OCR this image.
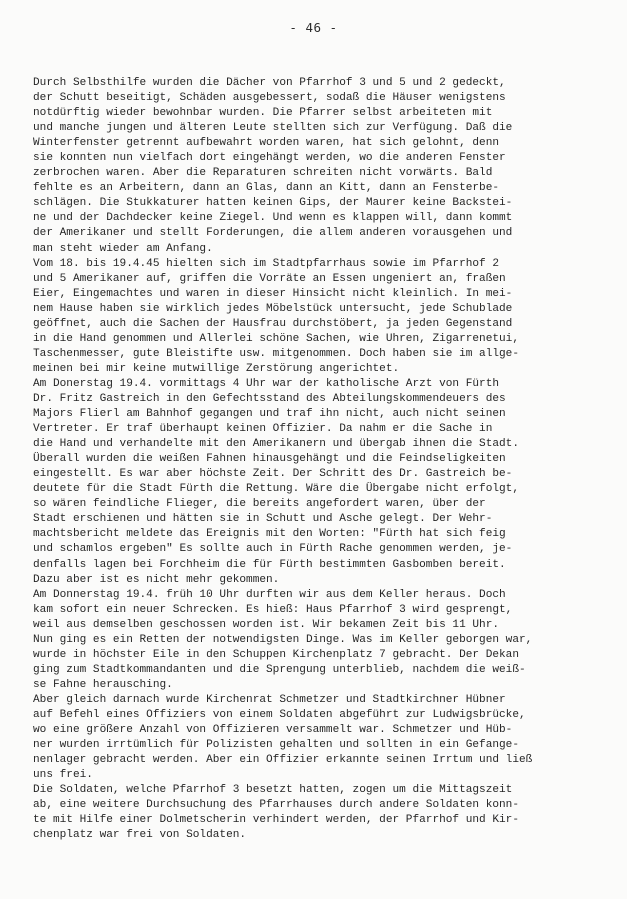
- 46 -
Durch Selbsthilfe wurden die Dächer von Pfarrhof 3 und 5 und 2 gedeckt,
der Schutt beseitigt, Schäden ausgebessert, sodaß die Häuser wenigstens
notdürftig wieder bewohnbar wurden. Die Pfarrer selbst arbeiteten mit
und manche jungen und älteren Leute stellten sich zur Verfügung. Daß die
Winterfenster getrennt aufbewahrt worden waren, hat sich gelohnt, denn
sie konnten nun vielfach dort eingehängt werden, wo die anderen Fenster
zerbrochen waren. Aber die Reparaturen schreiten nicht vorwärts. Bald
fehlte es an Arbeitern, dann an Glas, dann an Kitt, dann an Fensterbe-
schlägen. Die Stukkaturer hatten keinen Gips, der Maurer keine Backstei-
ne und der Dachdecker keine Ziegel. Und wenn es klappen will, dann kommt
der Amerikaner und stellt Forderungen, die allem anderen vorausgehen und
man steht wieder am Anfang.
Vom 18. bis 19.4.45 hielten sich im Stadtpfarrhaus sowie im Pfarrhof 2
und 5 Amerikaner auf, griffen die Vorräte an Essen ungeniert an, fraßen
Eier, Eingemachtes und waren in dieser Hinsicht nicht kleinlich. In mei-
nem Hause haben sie wirklich jedes Möbelstück untersucht, jede Schublade
geöffnet, auch die Sachen der Hausfrau durchstöbert, ja jeden Gegenstand
in die Hand genommen und Allerlei schöne Sachen, wie Uhren, Zigarrenetui,
Taschenmesser, gute Bleistifte usw. mitgenommen. Doch haben sie im allge-
meinen bei mir keine mutwillige Zerstörung angerichtet.
Am Donerstag 19.4. vormittags 4 Uhr war der katholische Arzt von Fürth
Dr. Fritz Gastreich in den Gefechtsstand des Abteilungskommendeuers des
Majors Flierl am Bahnhof gegangen und traf ihn nicht, auch nicht seinen
Vertreter. Er traf überhaupt keinen Offizier. Da nahm er die Sache in
die Hand und verhandelte mit den Amerikanern und übergab ihnen die Stadt.
Überall wurden die weißen Fahnen hinausgehängt und die Feindseligkeiten
eingestellt. Es war aber höchste Zeit. Der Schritt des Dr. Gastreich be-
deutete für die Stadt Fürth die Rettung. Wäre die Übergabe nicht erfolgt,
so wären feindliche Flieger, die bereits angefordert waren, über der
Stadt erschienen und hätten sie in Schutt und Asche gelegt. Der Wehr-
machtsbericht meldete das Ereignis mit den Worten: "Fürth hat sich feig
und schamlos ergeben" Es sollte auch in Fürth Rache genommen werden, je-
denfalls lagen bei Forchheim die für Fürth bestimmten Gasbomben bereit.
Dazu aber ist es nicht mehr gekommen.
Am Donnerstag 19.4. früh 10 Uhr durften wir aus dem Keller heraus. Doch
kam sofort ein neuer Schrecken. Es hieß: Haus Pfarrhof 3 wird gesprengt,
weil aus demselben geschossen worden ist. Wir bekamen Zeit bis 11 Uhr.
Nun ging es ein Retten der notwendigsten Dinge. Was im Keller geborgen war,
wurde in höchster Eile in den Schuppen Kirchenplatz 7 gebracht. Der Dekan
ging zum Stadtkommandanten und die Sprengung unterblieb, nachdem die weiß-
se Fahne herausching.
Aber gleich darnach wurde Kirchenrat Schmetzer und Stadtkirchner Hübner
auf Befehl eines Offiziers von einem Soldaten abgeführt zur Ludwigsbrücke,
wo eine größere Anzahl von Offizieren versammelt war. Schmetzer und Hüb-
ner wurden irrtümlich für Polizisten gehalten und sollten in ein Gefange-
nenlager gebracht werden. Aber ein Offizier erkannte seinen Irrtum und ließ
uns frei.
Die Soldaten, welche Pfarrhof 3 besetzt hatten, zogen um die Mittagszeit
ab, eine weitere Durchsuchung des Pfarrhauses durch andere Soldaten konn-
te mit Hilfe einer Dolmetscherin verhindert werden, der Pfarrhof und Kir-
chenplatz war frei von Soldaten.
